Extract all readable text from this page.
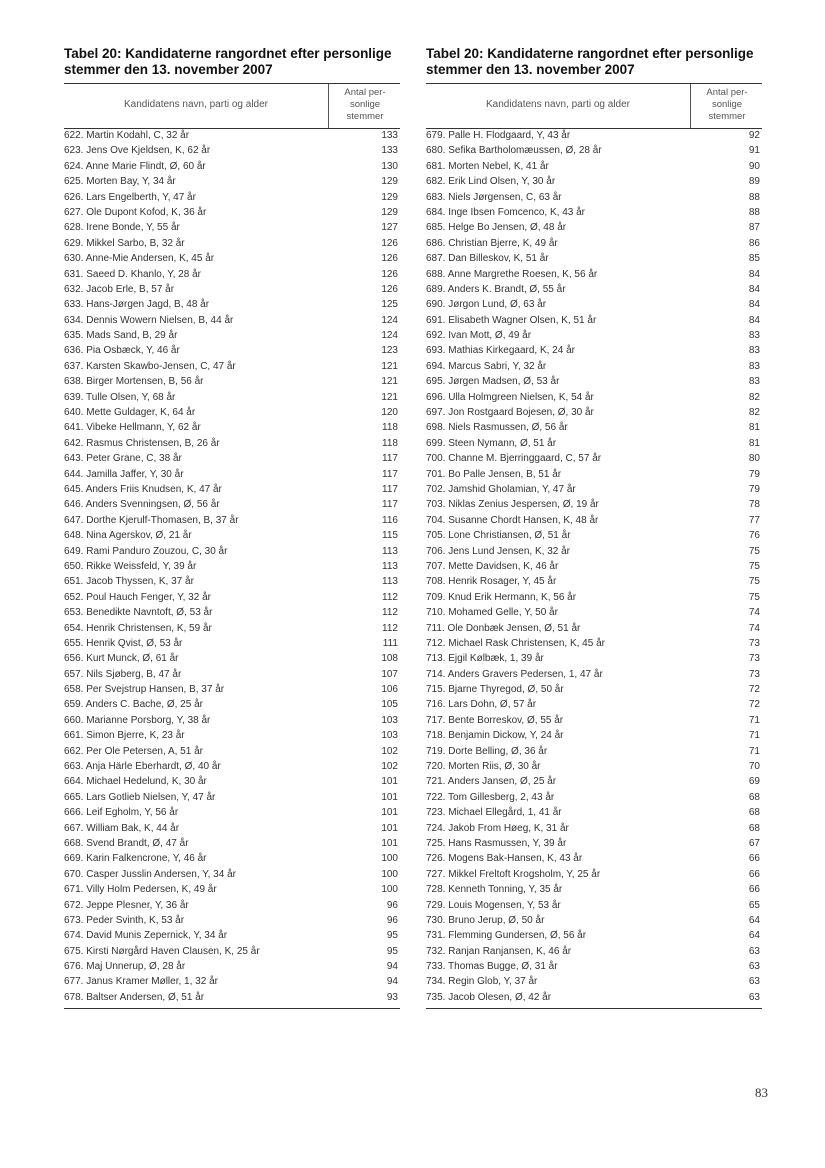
Tabel 20: Kandidaterne rangordnet efter personlige
stemmer den 13. november 2007
Kandidatens navn, parti og alder
Antal per-
sonlige
stemmer
622. Martin Kodahl, C, 32 år	133
623. Jens Ove Kjeldsen, K, 62 år	133
624. Anne Marie Flindt, Ø, 60 år	130
625. Morten Bay, Y, 34 år	129
626. Lars Engelberth, Y, 47 år	129
627. Ole Dupont Kofod, K, 36 år	129
628. Irene Bonde, Y, 55 år	127
629. Mikkel Sarbo, B, 32 år	126
630. Anne-Mie Andersen, K, 45 år	126
631. Saeed D. Khanlo, Y, 28 år	126
632. Jacob Erle, B, 57 år	126
633. Hans-Jørgen Jagd, B, 48 år	125
634. Dennis Wowern Nielsen, B, 44 år	124
635. Mads Sand, B, 29 år	124
636. Pia Osbæck, Y, 46 år	123
637. Karsten Skawbo-Jensen, C, 47 år	121
638. Birger Mortensen, B, 56 år	121
639. Tulle Olsen, Y, 68 år	121
640. Mette Guldager, K, 64 år	120
641. Vibeke Hellmann, Y, 62 år	118
642. Rasmus Christensen, B, 26 år	118
643. Peter Grane, C, 38 år	117
644. Jamilla Jaffer, Y, 30 år	117
645. Anders Friis Knudsen, K, 47 år	117
646. Anders Svenningsen, Ø, 56 år	117
647. Dorthe Kjerulf-Thomasen, B, 37 år	116
648. Nina Agerskov, Ø, 21 år	115
649. Rami Panduro Zouzou, C, 30 år	113
650. Rikke Weissfeld, Y, 39 år	113
651. Jacob Thyssen, K, 37 år	113
652. Poul Hauch Fenger, Y, 32 år	112
653. Benedikte Navntoft, Ø, 53 år	112
654. Henrik Christensen, K, 59 år	112
655. Henrik Qvist, Ø, 53 år	111
656. Kurt Munck, Ø, 61 år	108
657. Nils Sjøberg, B, 47 år	107
658. Per Svejstrup Hansen, B, 37 år	106
659. Anders C. Bache, Ø, 25 år	105
660. Marianne Porsborg, Y, 38 år	103
661. Simon Bjerre, K, 23 år	103
662. Per Ole Petersen, A, 51 år	102
663. Anja Härle Eberhardt, Ø, 40 år	102
664. Michael Hedelund, K, 30 år	101
665. Lars Gotlieb Nielsen, Y, 47 år	101
666. Leif Egholm, Y, 56 år	101
667. William Bak, K, 44 år	101
668. Svend Brandt, Ø, 47 år	101
669. Karin Falkencrone, Y, 46 år	100
670. Casper Jusslin Andersen, Y, 34 år	100
671. Villy Holm Pedersen, K, 49 år	100
672. Jeppe Plesner, Y, 36 år	96
673. Peder Svinth, K, 53 år	96
674. David Munis Zepernick, Y, 34 år	95
675. Kirsti Nørgård Haven Clausen, K, 25 år	95
676. Maj Unnerup, Ø, 28 år	94
677. Janus Kramer Møller, 1, 32 år	94
678. Baltser Andersen, Ø, 51 år	93
Tabel 20: Kandidaterne rangordnet efter personlige
stemmer den 13. november 2007
Kandidatens navn, parti og alder
Antal per-
sonlige
stemmer
679. Palle H. Flodgaard, Y, 43 år	92
680. Sefika Bartholomæussen, Ø, 28 år	91
681. Morten Nebel, K, 41 år	90
682. Erik Lind Olsen, Y, 30 år	89
683. Niels Jørgensen, C, 63 år	88
684. Inge Ibsen Fomcenco, K, 43 år	88
685. Helge Bo Jensen, Ø, 48 år	87
686. Christian Bjerre, K, 49 år	86
687. Dan Billeskov, K, 51 år	85
688. Anne Margrethe Roesen, K, 56 år	84
689. Anders K. Brandt, Ø, 55 år	84
690. Jørgon Lund, Ø, 63 år	84
691. Elisabeth Wagner Olsen, K, 51 år	84
692. Ivan Mott, Ø, 49 år	83
693. Mathias Kirkegaard, K, 24 år	83
694. Marcus Sabri, Y, 32 år	83
695. Jørgen Madsen, Ø, 53 år	83
696. Ulla Holmgreen Nielsen, K, 54 år	82
697. Jon Rostgaard Bojesen, Ø, 30 år	82
698. Niels Rasmussen, Ø, 56 år	81
699. Steen Nymann, Ø, 51 år	81
700. Channe M. Bjerringgaard, C, 57 år	80
701. Bo Palle Jensen, B, 51 år	79
702. Jamshid Gholamian, Y, 47 år	79
703. Niklas Zenius Jespersen, Ø, 19 år	78
704. Susanne Chordt Hansen, K, 48 år	77
705. Lone Christiansen, Ø, 51 år	76
706. Jens Lund Jensen, K, 32 år	75
707. Mette Davidsen, K, 46 år	75
708. Henrik Rosager, Y, 45 år	75
709. Knud Erik Hermann, K, 56 år	75
710. Mohamed Gelle, Y, 50 år	74
711. Ole Donbæk Jensen, Ø, 51 år	74
712. Michael Rask Christensen, K, 45 år	73
713. Ejgil Kølbæk, 1, 39 år	73
714. Anders Gravers Pedersen, 1, 47 år	73
715. Bjarne Thyregod, Ø, 50 år	72
716. Lars Dohn, Ø, 57 år	72
717. Bente Borreskov, Ø, 55 år	71
718. Benjamin Dickow, Y, 24 år	71
719. Dorte Belling, Ø, 36 år	71
720. Morten Riis, Ø, 30 år	70
721. Anders Jansen, Ø, 25 år	69
722. Tom Gillesberg, 2, 43 år	68
723. Michael Ellegård, 1, 41 år	68
724. Jakob From Høeg, K, 31 år	68
725. Hans Rasmussen, Y, 39 år	67
726. Mogens Bak-Hansen, K, 43 år	66
727. Mikkel Freltoft Krogsholm, Y, 25 år	66
728. Kenneth Tonning, Y, 35 år	66
729. Louis Mogensen, Y, 53 år	65
730. Bruno Jerup, Ø, 50 år	64
731. Flemming Gundersen, Ø, 56 år	64
732. Ranjan Ranjansen, K, 46 år	63
733. Thomas Bugge, Ø, 31 år	63
734. Regin Glob, Y, 37 år	63
735. Jacob Olesen, Ø, 42 år	63
83
